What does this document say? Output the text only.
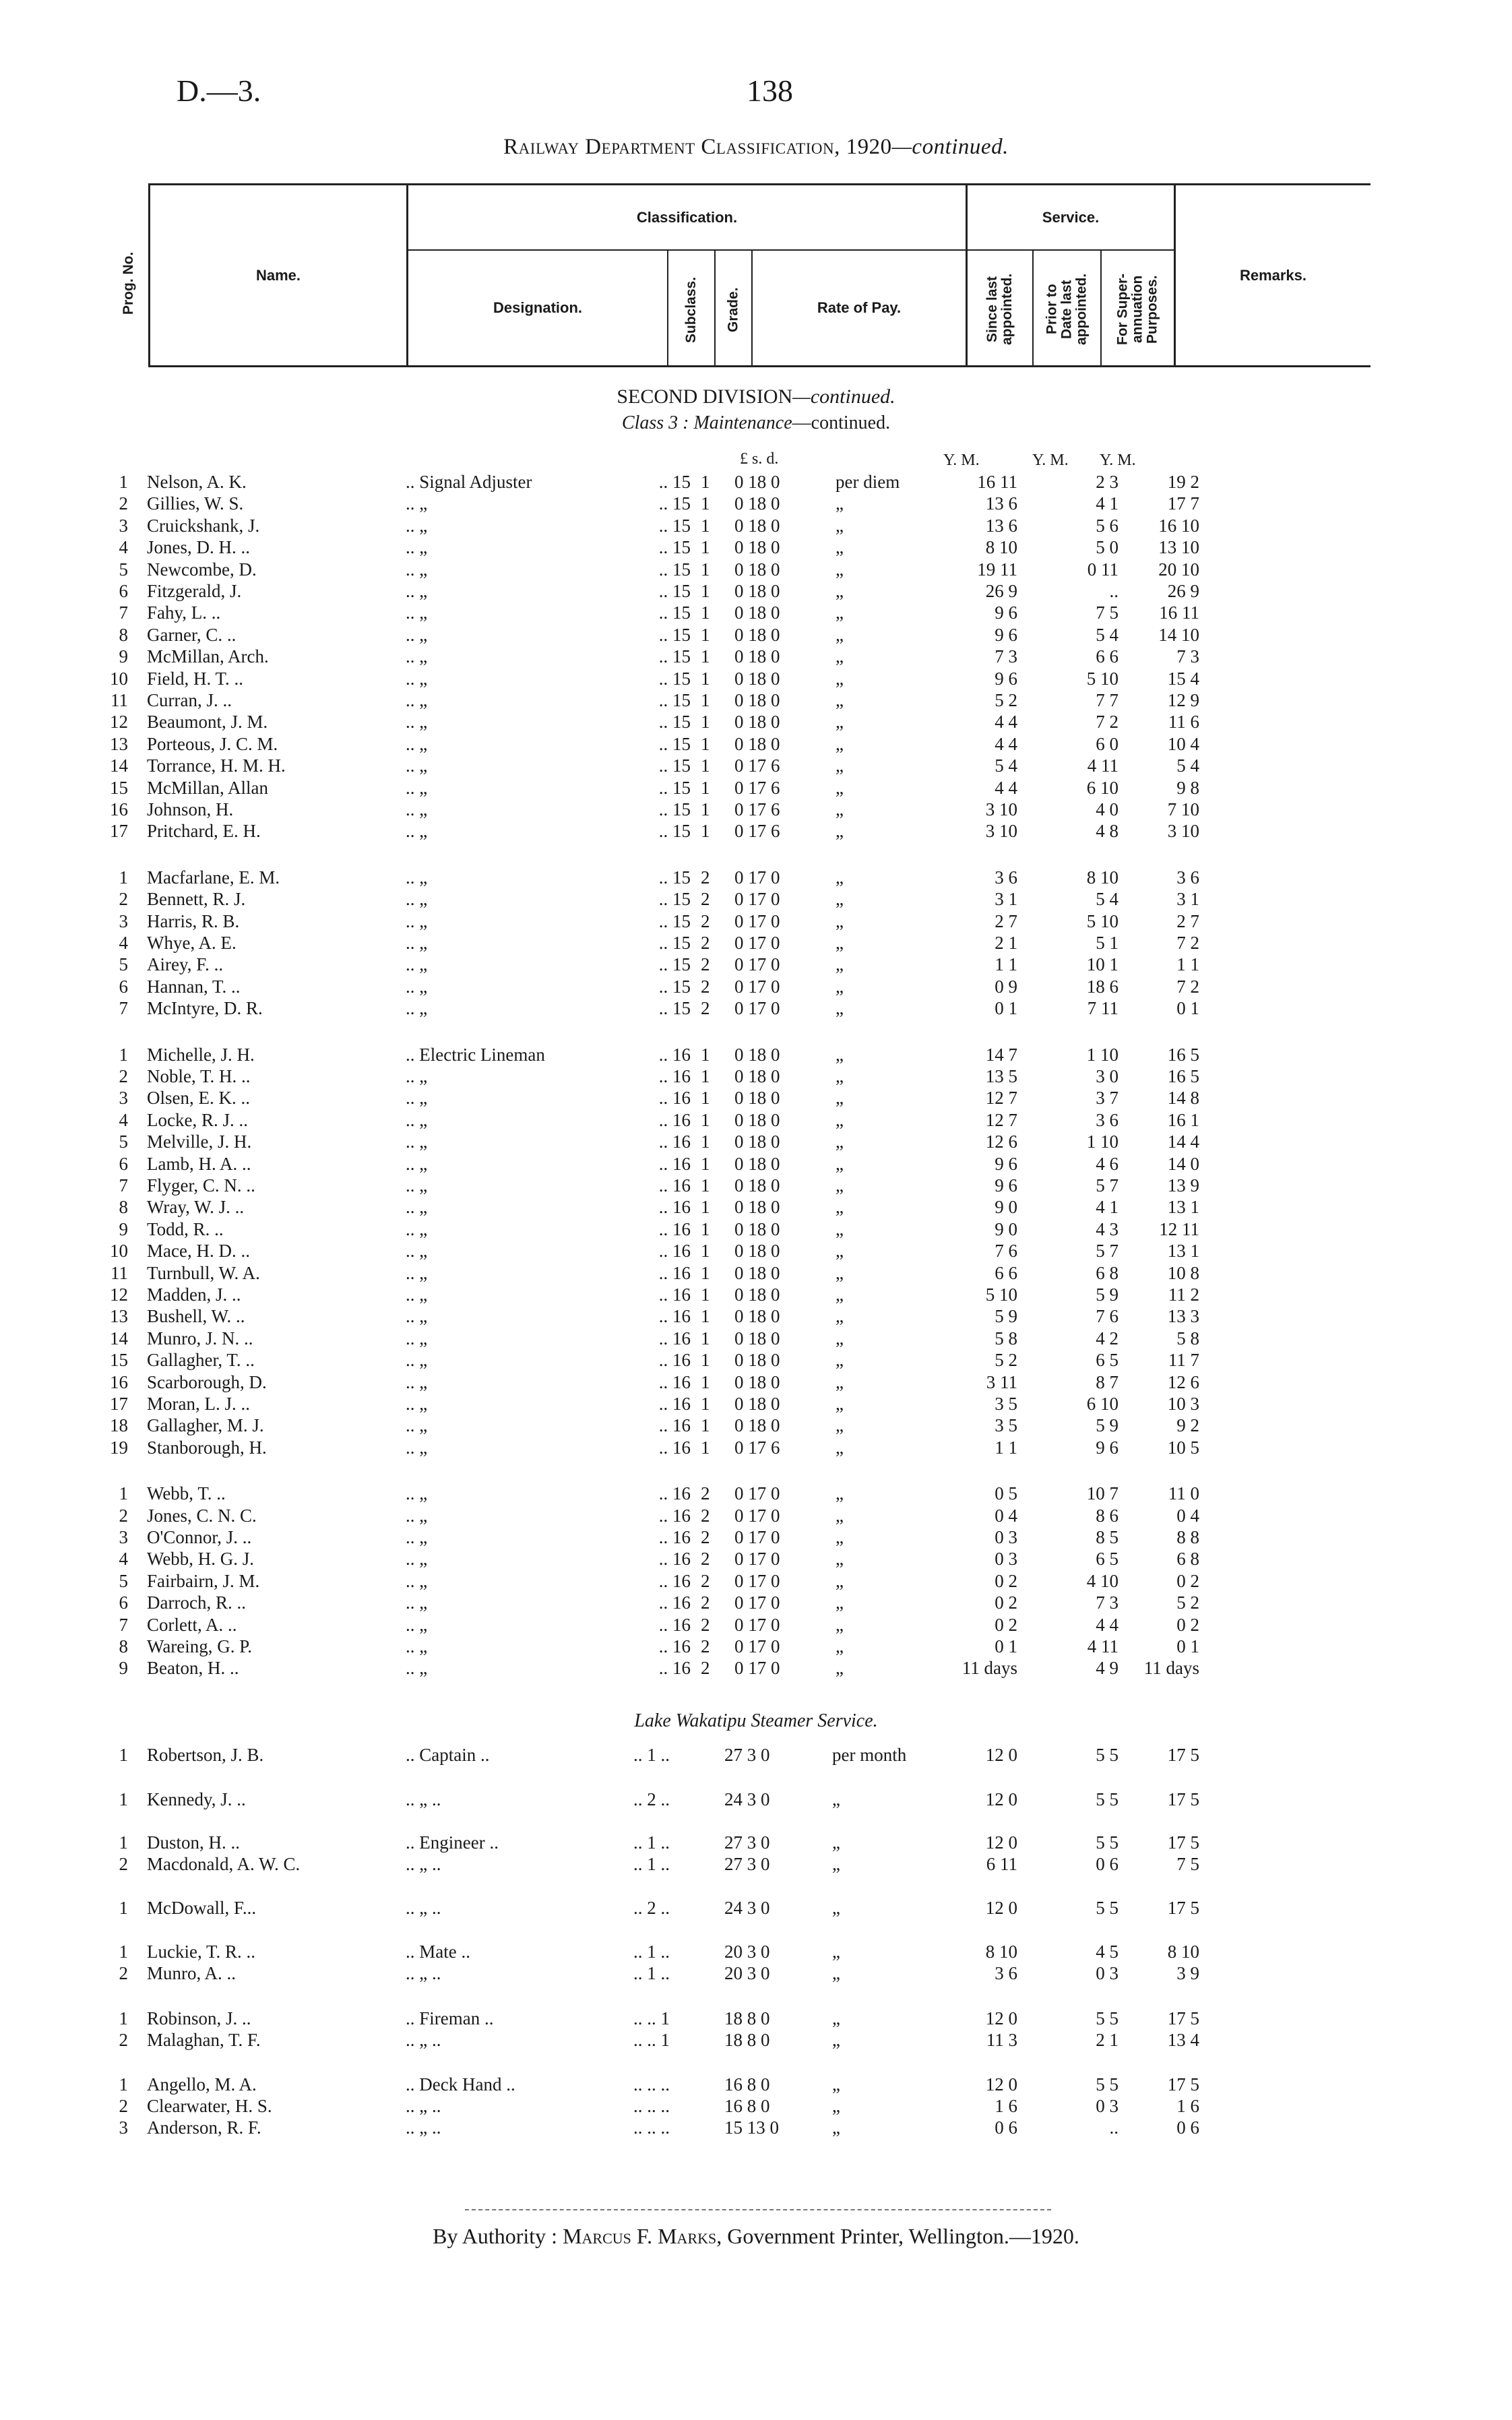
D.—3.	138
Railway Department Classification, 1920—continued.
Prog. No.	Name.
Classification.
Designation.	Subclass.	Grade.	Rate of Pay.
Service.
Since last
appointed.	Prior to
Date last
appointed.	For Super-
annuation
Purposes.
Remarks.
SECOND DIVISION—continued.
Class 3 : Maintenance—continued.
£ s. d.	Y. M.	Y. M. Y. M.
1 Nelson, A. K.	.. Signal Adjuster	.. 15 1	0 18 0	per diem	16 11	2 3	19 2
2 Gillies, W. S.	.. „	.. 15 1	0 18 0	„	13 6	4 1	17 7
3 Cruickshank, J.	.. „	.. 15 1	0 18 0	„	13 6	5 6	16 10
4 Jones, D. H. ..	.. „	.. 15 1	0 18 0	„	8 10	5 0	13 10
5 Newcombe, D.	.. „	.. 15 1	0 18 0	„	19 11	0 11	20 10
6 Fitzgerald, J.	.. „	.. 15 1	0 18 0	„	26 9	..	26 9
7 Fahy, L. ..	.. „	.. 15 1	0 18 0	„	9 6	7 5	16 11
8 Garner, C. ..	.. „	.. 15 1	0 18 0	„	9 6	5 4	14 10
9 McMillan, Arch.	.. „	.. 15 1	0 18 0	„	7 3	6 6	7 3
10 Field, H. T. ..	.. „	.. 15 1	0 18 0	„	9 6	5 10	15 4
11 Curran, J. ..	.. „	.. 15 1	0 18 0	„	5 2	7 7	12 9
12 Beaumont, J. M.	.. „	.. 15 1	0 18 0	„	4 4	7 2	11 6
13 Porteous, J. C. M.	.. „	.. 15 1	0 18 0	„	4 4	6 0	10 4
14 Torrance, H. M. H.	.. „	.. 15 1	0 17 6	„	5 4	4 11	5 4
15 McMillan, Allan	.. „	.. 15 1	0 17 6	„	4 4	6 10	9 8
16 Johnson, H.	.. „	.. 15 1	0 17 6	„	3 10	4 0	7 10
17 Pritchard, E. H.	.. „	.. 15 1	0 17 6	„	3 10	4 8	3 10
1 Macfarlane, E. M.	.. „	.. 15 2	0 17 0	„	3 6	8 10	3 6
2 Bennett, R. J.	.. „	.. 15 2	0 17 0	„	3 1	5 4	3 1
3 Harris, R. B.	.. „	.. 15 2	0 17 0	„	2 7	5 10	2 7
4 Whye, A. E.	.. „	.. 15 2	0 17 0	„	2 1	5 1	7 2
5 Airey, F. ..	.. „	.. 15 2	0 17 0	„	1 1	10 1	1 1
6 Hannan, T. ..	.. „	.. 15 2	0 17 0	„	0 9	18 6	7 2
7 McIntyre, D. R.	.. „	.. 15 2	0 17 0	„	0 1	7 11	0 1
1 Michelle, J. H.	.. Electric Lineman	.. 16 1	0 18 0	„	14 7	1 10	16 5
2 Noble, T. H. ..	.. „	.. 16 1	0 18 0	„	13 5	3 0	16 5
3 Olsen, E. K. ..	.. „	.. 16 1	0 18 0	„	12 7	3 7	14 8
4 Locke, R. J. ..	.. „	.. 16 1	0 18 0	„	12 7	3 6	16 1
5 Melville, J. H.	.. „	.. 16 1	0 18 0	„	12 6	1 10	14 4
6 Lamb, H. A. ..	.. „	.. 16 1	0 18 0	„	9 6	4 6	14 0
7 Flyger, C. N. ..	.. „	.. 16 1	0 18 0	„	9 6	5 7	13 9
8 Wray, W. J. ..	.. „	.. 16 1	0 18 0	„	9 0	4 1	13 1
9 Todd, R. ..	.. „	.. 16 1	0 18 0	„	9 0	4 3	12 11
10 Mace, H. D. ..	.. „	.. 16 1	0 18 0	„	7 6	5 7	13 1
11 Turnbull, W. A.	.. „	.. 16 1	0 18 0	„	6 6	6 8	10 8
12 Madden, J. ..	.. „	.. 16 1	0 18 0	„	5 10	5 9	11 2
13 Bushell, W. ..	.. „	.. 16 1	0 18 0	„	5 9	7 6	13 3
14 Munro, J. N. ..	.. „	.. 16 1	0 18 0	„	5 8	4 2	5 8
15 Gallagher, T. ..	.. „	.. 16 1	0 18 0	„	5 2	6 5	11 7
16 Scarborough, D.	.. „	.. 16 1	0 18 0	„	3 11	8 7	12 6
17 Moran, L. J. ..	.. „	.. 16 1	0 18 0	„	3 5	6 10	10 3
18 Gallagher, M. J.	.. „	.. 16 1	0 18 0	„	3 5	5 9	9 2
19 Stanborough, H.	.. „	.. 16 1	0 17 6	„	1 1	9 6	10 5
1 Webb, T. ..	.. „	.. 16 2	0 17 0	„	0 5	10 7	11 0
2 Jones, C. N. C.	.. „	.. 16 2	0 17 0	„	0 4	8 6	0 4
3 O'Connor, J. ..	.. „	.. 16 2	0 17 0	„	0 3	8 5	8 8
4 Webb, H. G. J.	.. „	.. 16 2	0 17 0	„	0 3	6 5	6 8
5 Fairbairn, J. M.	.. „	.. 16 2	0 17 0	„	0 2	4 10	0 2
6 Darroch, R. ..	.. „	.. 16 2	0 17 0	„	0 2	7 3	5 2
7 Corlett, A. ..	.. „	.. 16 2	0 17 0	„	0 2	4 4	0 2
8 Wareing, G. P.	.. „	.. 16 2	0 17 0	„	0 1	4 11	0 1
9 Beaton, H. ..	.. „	.. 16 2	0 17 0	„	11 days	4 9	11 days
1 Robertson, J. B.	.. Captain ..	.. 1 ..	27 3 0	per month	12 0	5 5	17 5
1 Kennedy, J. ..	.. „ ..	.. 2 ..	24 3 0	„	12 0	5 5	17 5
1 Duston, H. ..	.. Engineer ..	.. 1 ..	27 3 0	„	12 0	5 5	17 5
2 Macdonald, A. W. C.	.. „ ..	.. 1 ..	27 3 0	„	6 11	0 6	7 5
1 McDowall, F...	.. „ ..	.. 2 ..	24 3 0	„	12 0	5 5	17 5
1 Luckie, T. R. ..	.. Mate ..	.. 1 ..	20 3 0	„	8 10	4 5	8 10
2 Munro, A. ..	.. „ ..	.. 1 ..	20 3 0	„	3 6	0 3	3 9
1 Robinson, J. ..	.. Fireman ..	.. .. 1	18 8 0	„	12 0	5 5	17 5
2 Malaghan, T. F.	.. „ ..	.. .. 1	18 8 0	„	11 3	2 1	13 4
1 Angello, M. A.	.. Deck Hand ..	.. .. ..	16 8 0	„	12 0	5 5	17 5
2 Clearwater, H. S.	.. „ ..	.. .. ..	16 8 0	„	1 6	0 3	1 6
3 Anderson, R. F.	.. „ ..	.. .. ..	15 13 0	„	0 6	..	0 6
Lake Wakatipu Steamer Service.
By Authority : Marcus F. Marks, Government Printer, Wellington.—1920.
